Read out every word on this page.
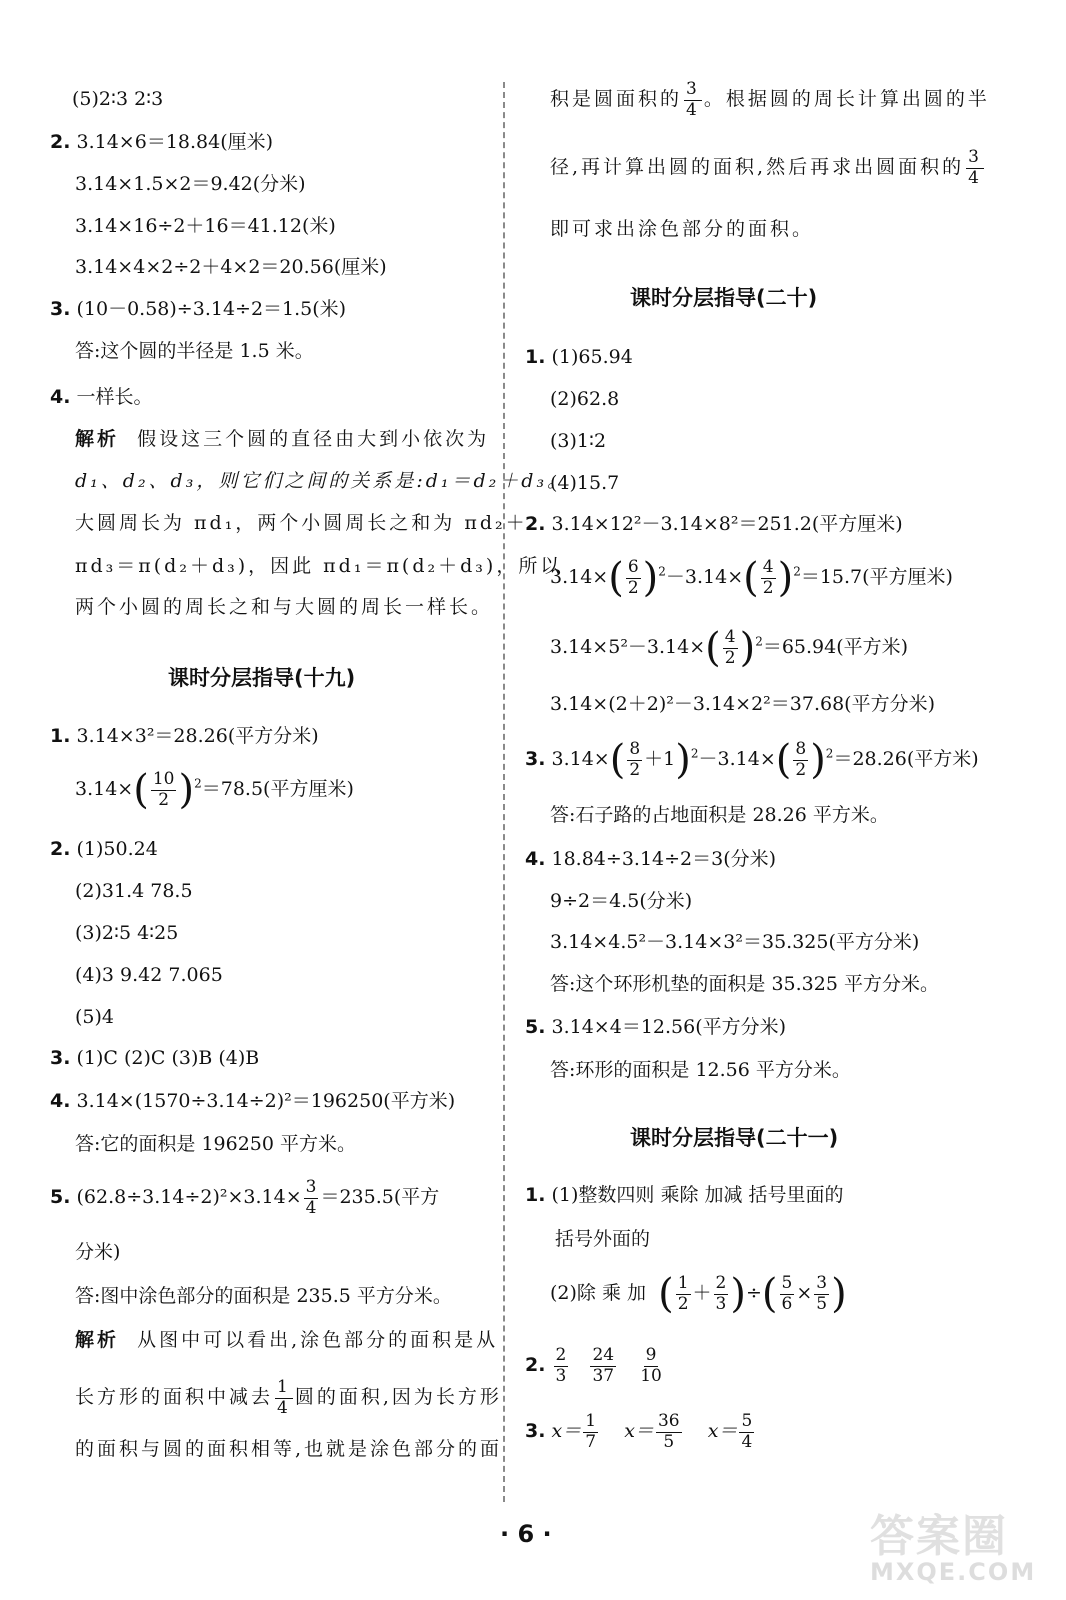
(5)2∶3 2∶3
2. 3.14×6＝18.84(厘米)
3.14×1.5×2＝9.42(分米)
3.14×16÷2＋16＝41.12(米)
3.14×4×2÷2＋4×2＝20.56(厘米)
3. (10－0.58)÷3.14÷2＝1.5(米)
答:这个圆的半径是 1.5 米。
4. 一样长。
解析 假设这三个圆的直径由大到小依次为
d₁、d₂、d₃，则它们之间的关系是:d₁＝d₂＋d₃。
大圆周长为 πd₁，两个小圆周长之和为 πd₂＋
πd₃＝π(d₂＋d₃)，因此 πd₁＝π(d₂＋d₃)，所以
两个小圆的周长之和与大圆的周长一样长。
课时分层指导(十九)
1. 3.14×3²＝28.26(平方分米)
$3.14\times( \frac{10}{2} )^2=78.5$(平方厘米)
2. (1)50.24
(2)31.4 78.5
(3)2∶5 4∶25
(4)3 9.42 7.065
(5)4
3. (1)C (2)C (3)B (4)B
4. 3.14×(1570÷3.14÷2)²＝196250(平方米)
答:它的面积是 196250 平方米。
5. $(62.8\div 3.14\div 2)^2\times 3.14\times \frac{3}{4} =235.5$(平方
分米)
答:图中涂色部分的面积是 235.5 平方分米。
解析 从图中可以看出,涂色部分的面积是从
长方形的面积中减去 $\frac{1}{4}$ 圆的面积,因为长方形
的面积与圆的面积相等,也就是涂色部分的面
积是圆面积的 $\frac{3}{4}$ 。根据圆的周长计算出圆的半
径,再计算出圆的面积,然后再求出圆面积的 $\frac{3}{4}$
即可求出涂色部分的面积。
课时分层指导(二十)
1. (1)65.94
(2)62.8
(3)1∶2
(4)15.7
2. 3.14×12²－3.14×8²＝251.2(平方厘米)
$3.14\times( \frac{6}{2} )^2-3.14\times( \frac{4}{2} )^2=15.7$(平方厘米)
$3.14\times 5^2-3.14\times( \frac{4}{2} )^2=65.94$(平方米)
3.14×(2＋2)²－3.14×2²＝37.68(平方分米)
3. $3.14\times( \frac{8}{2} +1)^2-3.14\times( \frac{8}{2} )^2=28.26$(平方米)
答:石子路的占地面积是 28.26 平方米。
4. 18.84÷3.14÷2＝3(分米)
9÷2＝4.5(分米)
3.14×4.5²－3.14×3²＝35.325(平方分米)
答:这个环形机垫的面积是 35.325 平方分米。
5. 3.14×4＝12.56(平方分米)
答:环形的面积是 12.56 平方分米。
课时分层指导(二十一)
1. (1)整数四则 乘除 加减 括号里面的
括号外面的
(2)除 乘 加 ( $\frac{1}{2} + \frac{2}{3}$ )÷( $\frac{5}{6} \times \frac{3}{5}$ )
2. $\frac{2}{3}$
$\frac{24}{37}$
$\frac{9}{10}$
3. $x= \frac{1}{7} x= \frac{36}{5} x= \frac{5}{4}$
· 6 ·	答案圈
MXQE.COM
